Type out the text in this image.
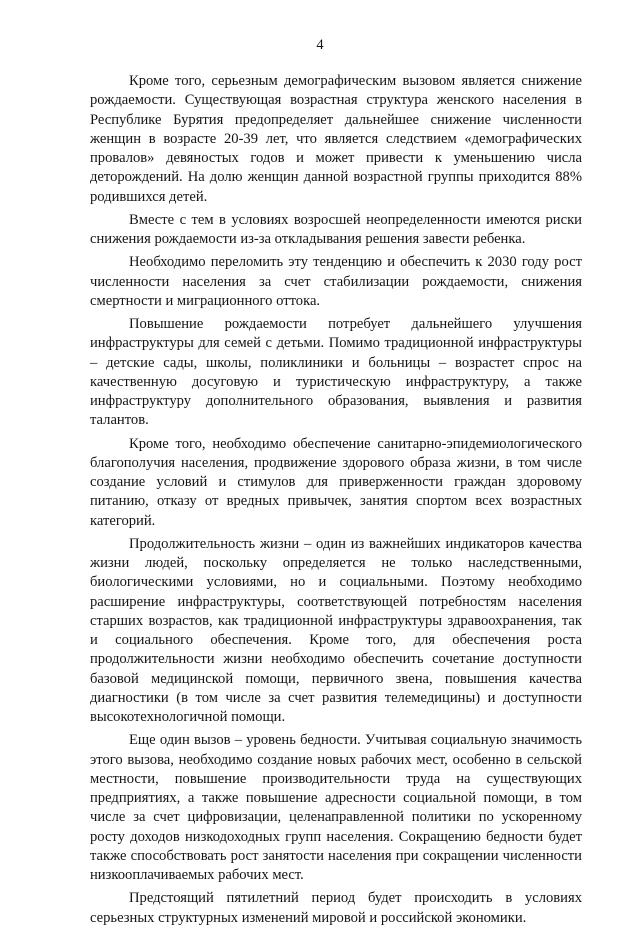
4

Кроме того, серьезным демографическим вызовом является снижение рождаемости. Существующая возрастная структура женского населения в Республике Бурятия предопределяет дальнейшее снижение численности женщин в возрасте 20-39 лет, что является следствием «демографических провалов» девяностых годов и может привести к уменьшению числа деторождений. На долю женщин данной возрастной группы приходится 88% родившихся детей.

Вместе с тем в условиях возросшей неопределенности имеются риски снижения рождаемости из-за откладывания решения завести ребенка.

Необходимо переломить эту тенденцию и обеспечить к 2030 году рост численности населения за счет стабилизации рождаемости, снижения смертности и миграционного оттока.

Повышение рождаемости потребует дальнейшего улучшения инфраструктуры для семей с детьми. Помимо традиционной инфраструктуры – детские сады, школы, поликлиники и больницы – возрастет спрос на качественную досуговую и туристическую инфраструктуру, а также инфраструктуру дополнительного образования, выявления и развития талантов.

Кроме того, необходимо обеспечение санитарно-эпидемиологического благополучия населения, продвижение здорового образа жизни, в том числе создание условий и стимулов для приверженности граждан здоровому питанию, отказу от вредных привычек, занятия спортом всех возрастных категорий.

Продолжительность жизни – один из важнейших индикаторов качества жизни людей, поскольку определяется не только наследственными, биологическими условиями, но и социальными. Поэтому необходимо расширение инфраструктуры, соответствующей потребностям населения старших возрастов, как традиционной инфраструктуры здравоохранения, так и социального обеспечения. Кроме того, для обеспечения роста продолжительности жизни необходимо обеспечить сочетание доступности базовой медицинской помощи, первичного звена, повышения качества диагностики (в том числе за счет развития телемедицины) и доступности высокотехнологичной помощи.

Еще один вызов – уровень бедности. Учитывая социальную значимость этого вызова, необходимо создание новых рабочих мест, особенно в сельской местности, повышение производительности труда на существующих предприятиях, а также повышение адресности социальной помощи, в том числе за счет цифровизации, целенаправленной политики по ускоренному росту доходов низкодоходных групп населения. Сокращению бедности будет также способствовать рост занятости населения при сокращении численности низкооплачиваемых рабочих мест.

Предстоящий пятилетний период будет происходить в условиях серьезных структурных изменений мировой и российской экономики.
